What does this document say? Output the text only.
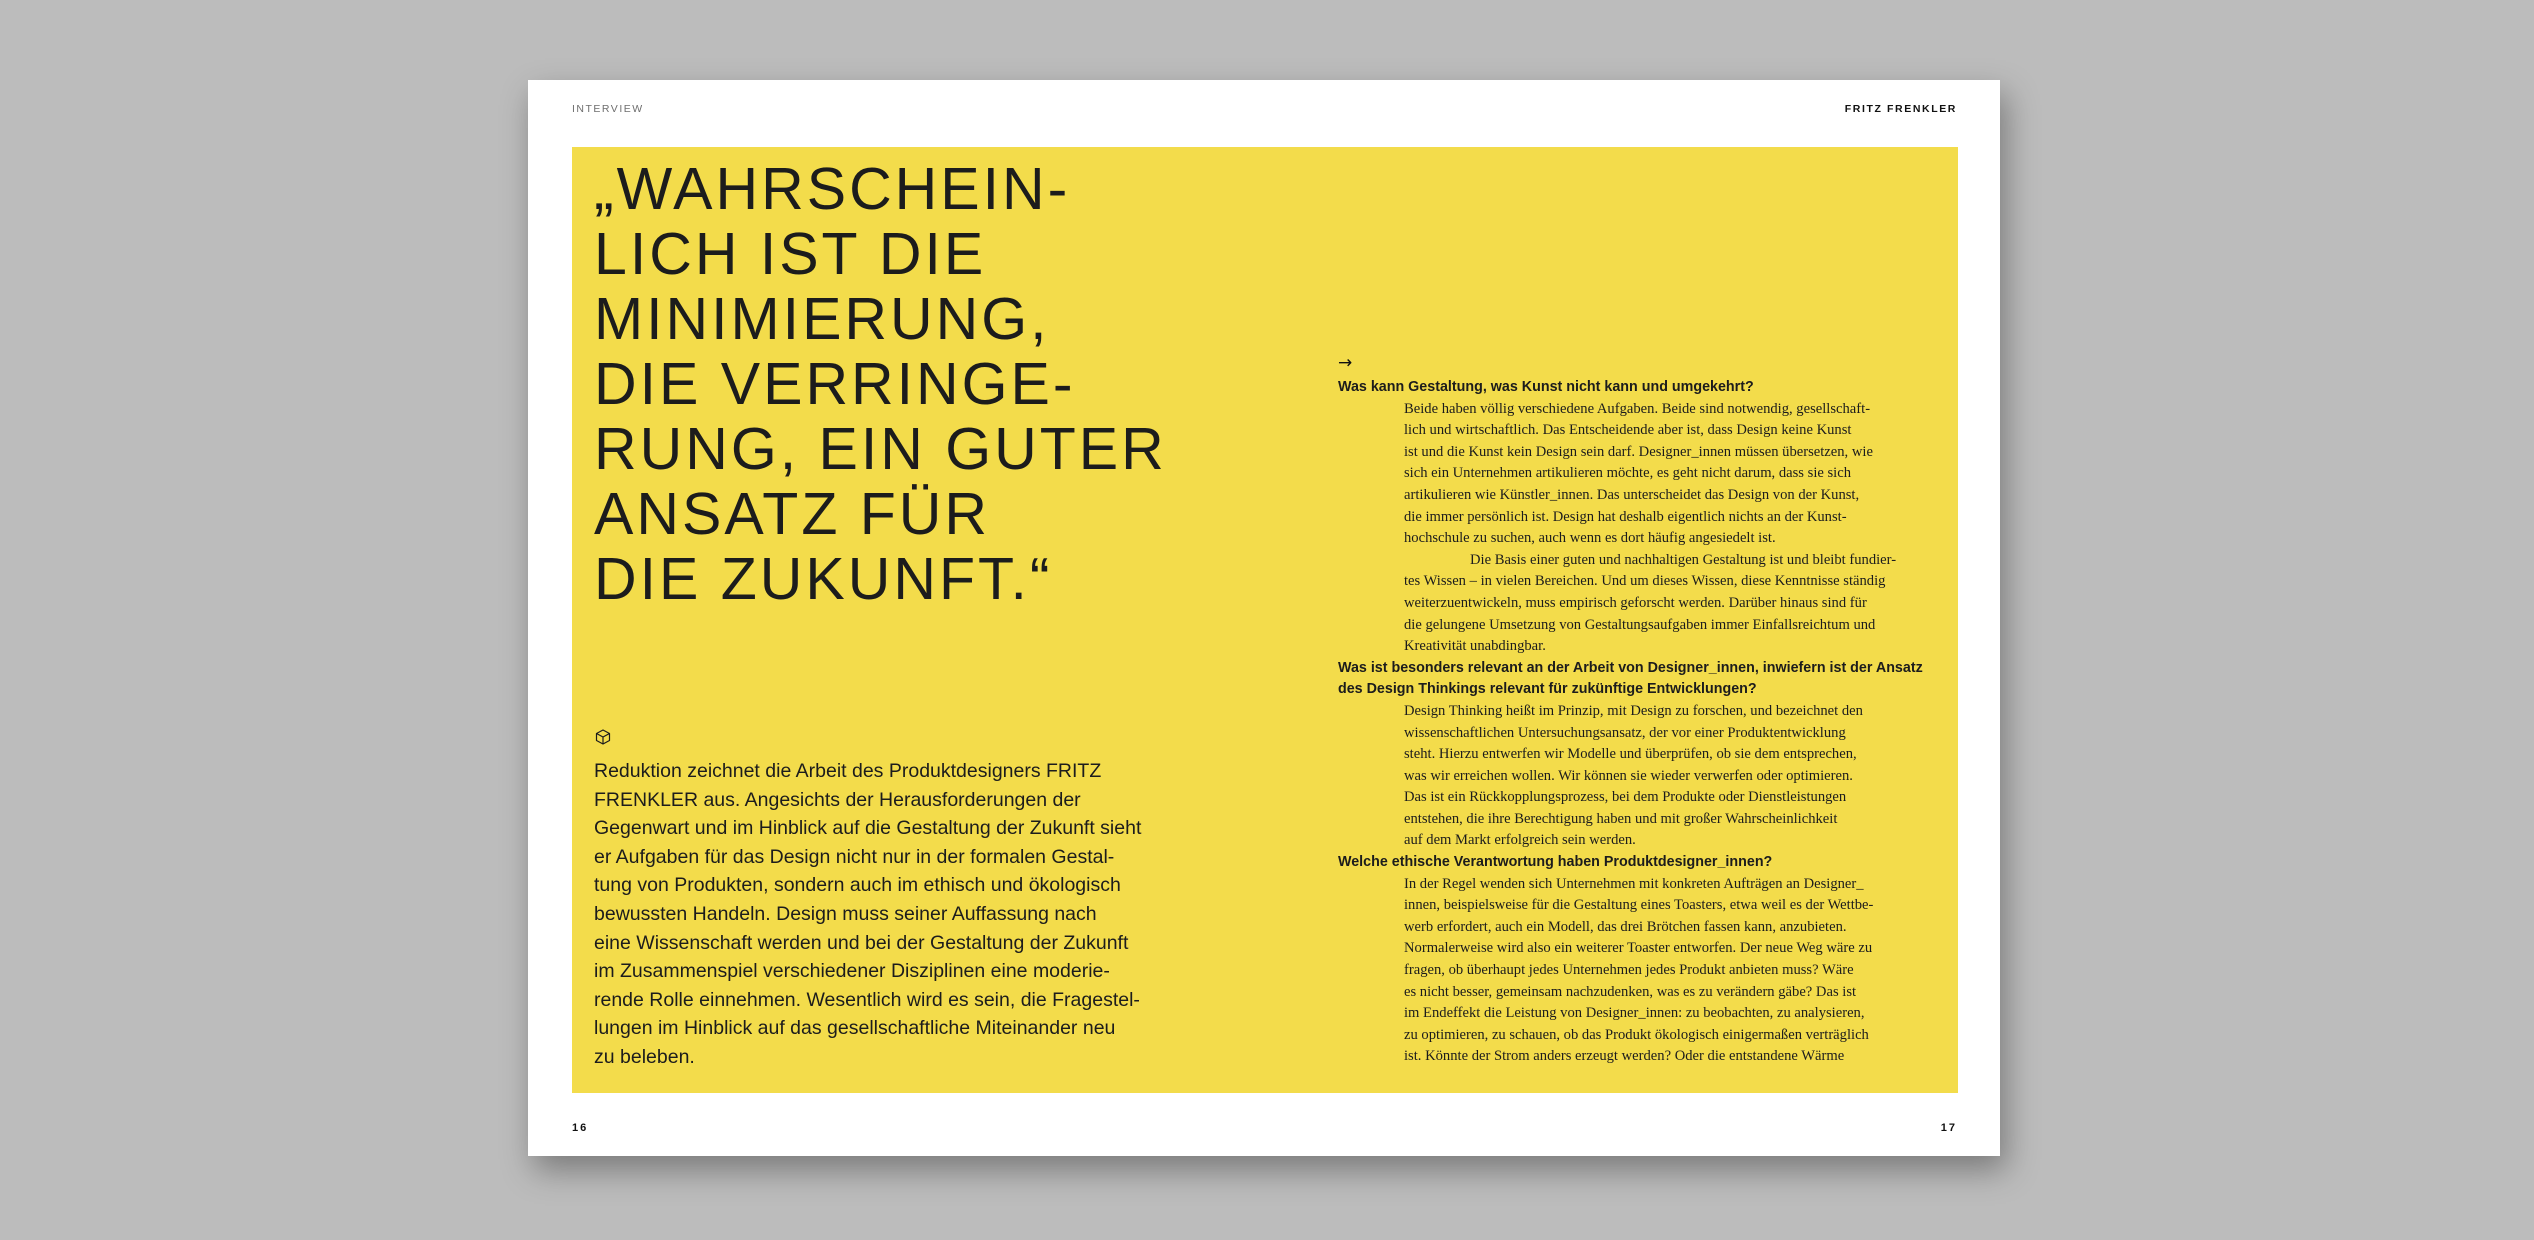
INTERVIEW	FRITZ FRENKLER
„WAHRSCHEIN-
LICH IST DIE
MINIMIERUNG,
DIE VERRINGE-
RUNG, EIN GUTER
ANSATZ FÜR
DIE ZUKUNFT.“
Reduktion zeichnet die Arbeit des Produktdesigners FRITZ
FRENKLER aus. Angesichts der Herausforderungen der
Gegenwart und im Hinblick auf die Gestaltung der Zukunft sieht
er Aufgaben für das Design nicht nur in der formalen Gestal-
tung von Produkten, sondern auch im ethisch und ökologisch
bewussten Handeln. Design muss seiner Auffassung nach
eine Wissenschaft werden und bei der Gestaltung der Zukunft
im Zusammenspiel verschiedener Disziplinen eine moderie-
rende Rolle einnehmen. Wesentlich wird es sein, die Fragestel-
lungen im Hinblick auf das gesellschaftliche Miteinander neu
zu beleben.
→
Was kann Gestaltung, was Kunst nicht kann und umgekehrt?
Beide haben völlig verschiedene Aufgaben. Beide sind notwendig, gesellschaft-
lich und wirtschaftlich. Das Entscheidende aber ist, dass Design keine Kunst
ist und die Kunst kein Design sein darf. Designer_innen müssen übersetzen, wie
sich ein Unternehmen artikulieren möchte, es geht nicht darum, dass sie sich
artikulieren wie Künstler_innen. Das unterscheidet das Design von der Kunst,
die immer persönlich ist. Design hat deshalb eigentlich nichts an der Kunst-
hochschule zu suchen, auch wenn es dort häufig angesiedelt ist.
Die Basis einer guten und nachhaltigen Gestaltung ist und bleibt fundier-
tes Wissen – in vielen Bereichen. Und um dieses Wissen, diese Kenntnisse ständig
weiterzuentwickeln, muss empirisch geforscht werden. Darüber hinaus sind für
die gelungene Umsetzung von Gestaltungsaufgaben immer Einfallsreichtum und
Kreativität unabdingbar.
Was ist besonders relevant an der Arbeit von Designer_innen, inwiefern ist der Ansatz
des Design Thinkings relevant für zukünftige Entwicklungen?
Design Thinking heißt im Prinzip, mit Design zu forschen, und bezeichnet den
wissenschaftlichen Untersuchungsansatz, der vor einer Produktentwicklung
steht. Hierzu entwerfen wir Modelle und überprüfen, ob sie dem entsprechen,
was wir erreichen wollen. Wir können sie wieder verwerfen oder optimieren.
Das ist ein Rückkopplungsprozess, bei dem Produkte oder Dienstleistungen
entstehen, die ihre Berechtigung haben und mit großer Wahrscheinlichkeit
auf dem Markt erfolgreich sein werden.
Welche ethische Verantwortung haben Produktdesigner_innen?
In der Regel wenden sich Unternehmen mit konkreten Aufträgen an Designer_
innen, beispielsweise für die Gestaltung eines Toasters, etwa weil es der Wettbe-
werb erfordert, auch ein Modell, das drei Brötchen fassen kann, anzubieten.
Normalerweise wird also ein weiterer Toaster entworfen. Der neue Weg wäre zu
fragen, ob überhaupt jedes Unternehmen jedes Produkt anbieten muss? Wäre
es nicht besser, gemeinsam nachzudenken, was es zu verändern gäbe? Das ist
im Endeffekt die Leistung von Designer_innen: zu beobachten, zu analysieren,
zu optimieren, zu schauen, ob das Produkt ökologisch einigermaßen verträglich
ist. Könnte der Strom anders erzeugt werden? Oder die entstandene Wärme
16	17
